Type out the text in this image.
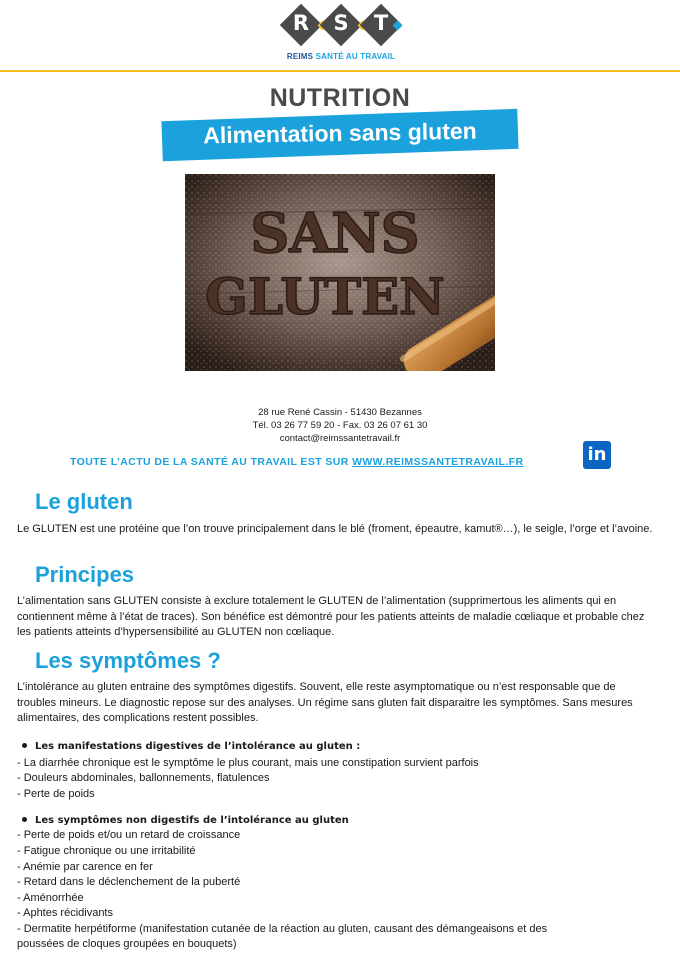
R	S	T
REIMS SANTÉ AU TRAVAIL
NUTRITION
Alimentation sans gluten
SANS
GLUTEN
28 rue René Cassin - 51430 Bezannes
Tél. 03 26 77 59 20 - Fax. 03 26 07 61 30
contact@reimssantetravail.fr
TOUTE L’ACTU DE LA SANTÉ AU TRAVAIL EST SUR WWW.REIMSSANTETRAVAIL.FR	in
Le gluten
Le GLUTEN est une protéine que l’on trouve principalement dans le blé (froment, épeautre, kamut®…), le seigle, l’orge et l’avoine.
Principes
L’alimentation sans GLUTEN consiste à exclure totalement le GLUTEN de l’alimentation (supprimertous les aliments qui en contiennent même à l’état de traces). Son bénéfice est démontré pour les patients atteints de maladie cœliaque et probable chez les patients atteints d’hypersensibilité au GLUTEN non cœliaque.
Les symptômes ?
L’intolérance au gluten entraine des symptômes digestifs. Souvent, elle reste asymptomatique ou n’est responsable que de troubles mineurs. Le diagnostic repose sur des analyses. Un régime sans gluten fait disparaitre les symptômes. Sans mesures alimentaires, des complications restent possibles.
Les manifestations digestives de l’intolérance au gluten :
- La diarrhée chronique est le symptôme le plus courant, mais une constipation survient parfois
- Douleurs abdominales, ballonnements, flatulences
- Perte de poids
Les symptômes non digestifs de l’intolérance au gluten
- Perte de poids et/ou un retard de croissance
- Fatigue chronique ou une irritabilité
- Anémie par carence en fer
- Retard dans le déclenchement de la puberté
- Aménorrhée
- Aphtes récidivants
- Dermatite herpétiforme (manifestation cutanée de la réaction au gluten, causant des démangeaisons et des
poussées de cloques groupées en bouquets)
